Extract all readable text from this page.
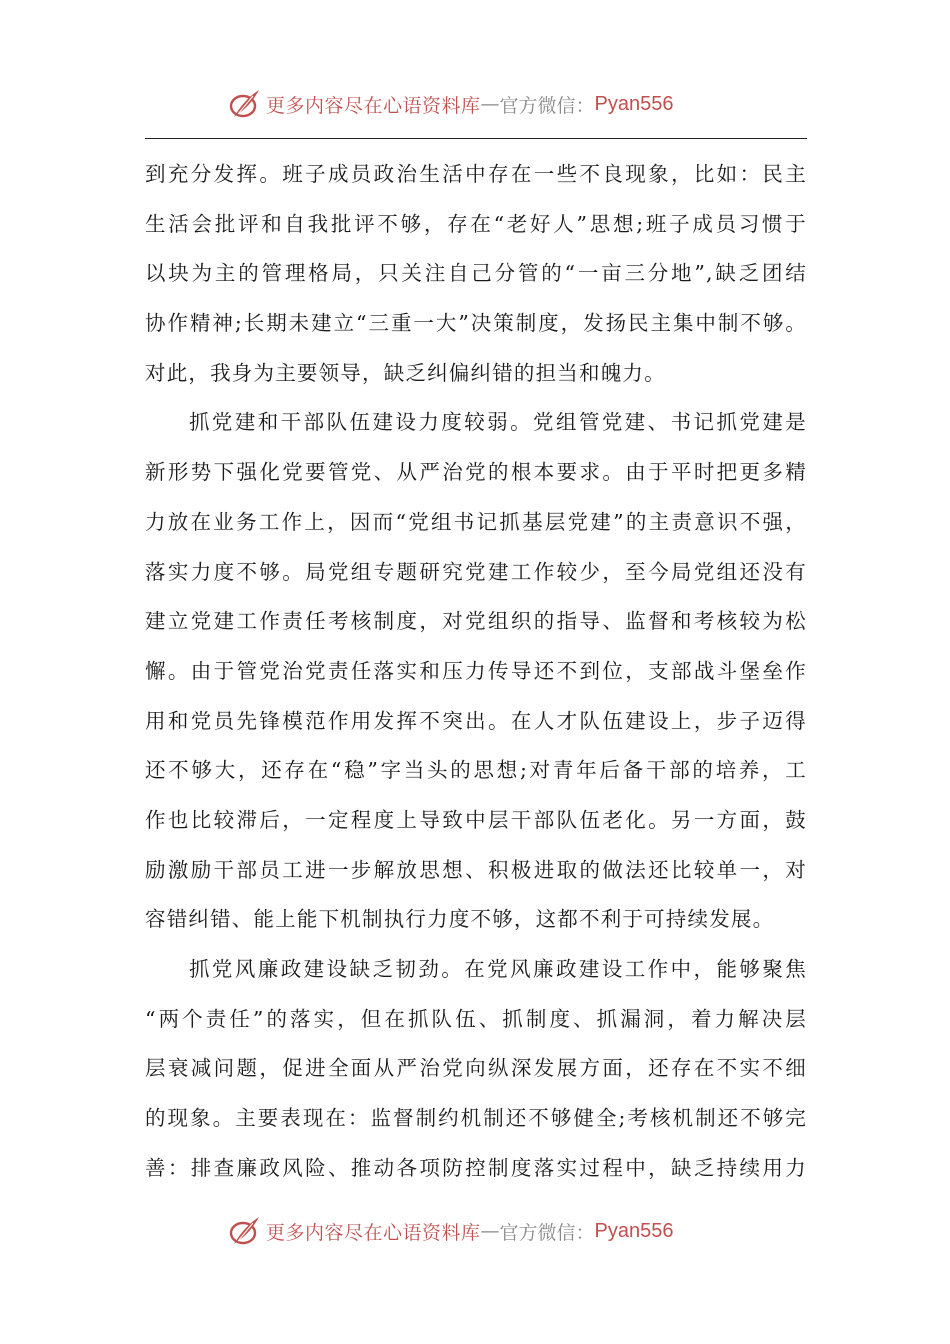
更多内容尽在心语资料库 — 官方微信： Pyan556
到充分发挥。班子成员政治生活中存在一些不良现象，比如：民主
生活会批评和自我批评不够，存在“老好人”思想;班子成员习惯于
以块为主的管理格局，只关注自己分管的“一亩三分地”,缺乏团结
协作精神;长期未建立“三重一大”决策制度，发扬民主集中制不够。
对此，我身为主要领导，缺乏纠偏纠错的担当和魄力。
抓党建和干部队伍建设力度较弱。党组管党建、书记抓党建是
新形势下强化党要管党、从严治党的根本要求。由于平时把更多精
力放在业务工作上，因而“党组书记抓基层党建”的主责意识不强，
落实力度不够。局党组专题研究党建工作较少，至今局党组还没有
建立党建工作责任考核制度，对党组织的指导、监督和考核较为松
懈。由于管党治党责任落实和压力传导还不到位，支部战斗堡垒作
用和党员先锋模范作用发挥不突出。在人才队伍建设上，步子迈得
还不够大，还存在“稳”字当头的思想;对青年后备干部的培养，工
作也比较滞后，一定程度上导致中层干部队伍老化。另一方面，鼓
励激励干部员工进一步解放思想、积极进取的做法还比较单一，对
容错纠错、能上能下机制执行力度不够，这都不利于可持续发展。
抓党风廉政建设缺乏韧劲。在党风廉政建设工作中，能够聚焦
“两个责任”的落实，但在抓队伍、抓制度、抓漏洞，着力解决层
层衰减问题，促进全面从严治党向纵深发展方面，还存在不实不细
的现象。主要表现在：监督制约机制还不够健全;考核机制还不够完
善：排查廉政风险、推动各项防控制度落实过程中，缺乏持续用力
更多内容尽在心语资料库 — 官方微信： Pyan556
